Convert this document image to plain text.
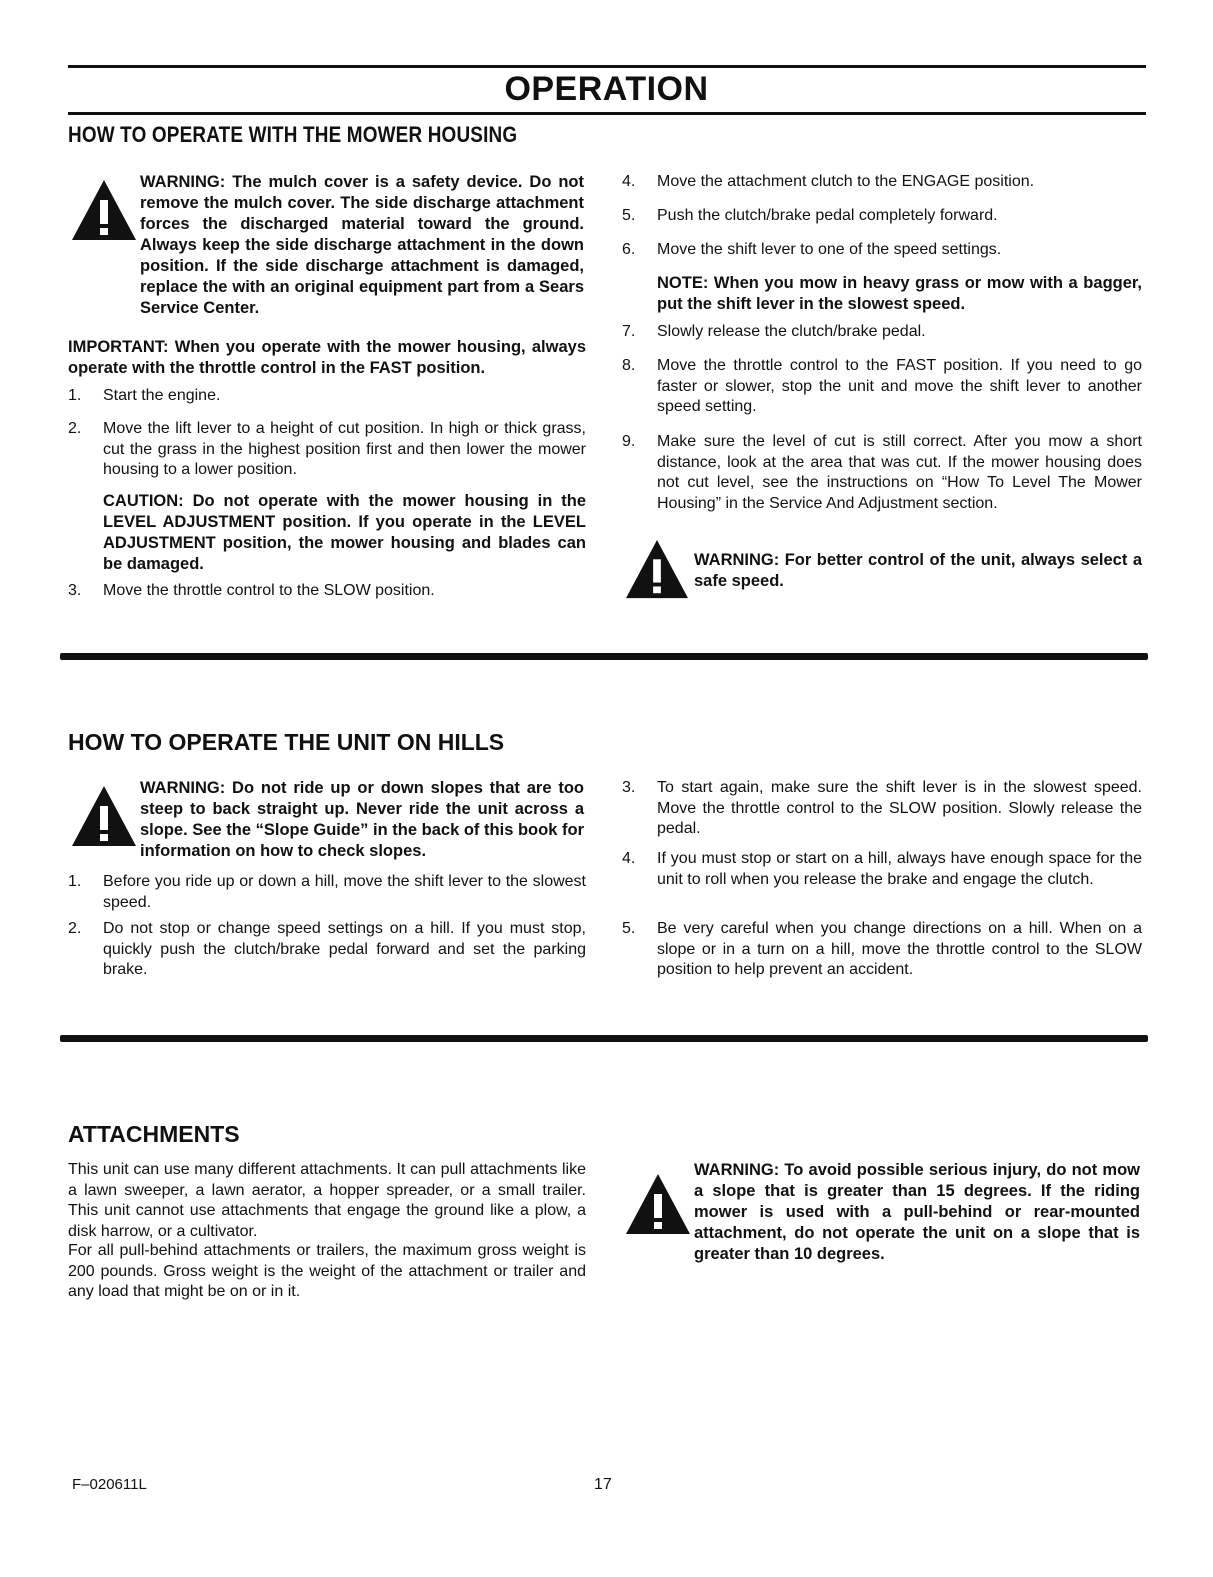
OPERATION
HOW TO OPERATE WITH THE MOWER HOUSING
WARNING: The mulch cover is a safety device. Do not remove the mulch cover. The side discharge attachment forces the discharged material toward the ground. Always keep the side discharge attachment in the down position. If the side discharge attachment is damaged, replace the with an original equipment part from a Sears Service Center.
IMPORTANT: When you operate with the mower housing, always operate with the throttle control in the FAST position.
1. Start the engine.
2. Move the lift lever to a height of cut position. In high or thick grass, cut the grass in the highest position first and then lower the mower housing to a lower position.
CAUTION: Do not operate with the mower housing in the LEVEL ADJUSTMENT position. If you operate in the LEVEL ADJUSTMENT position, the mower housing and blades can be damaged.
3. Move the throttle control to the SLOW position.
4. Move the attachment clutch to the ENGAGE position.
5. Push the clutch/brake pedal completely forward.
6. Move the shift lever to one of the speed settings.
NOTE: When you mow in heavy grass or mow with a bagger, put the shift lever in the slowest speed.
7. Slowly release the clutch/brake pedal.
8. Move the throttle control to the FAST position. If you need to go faster or slower, stop the unit and move the shift lever to another speed setting.
9. Make sure the level of cut is still correct. After you mow a short distance, look at the area that was cut. If the mower housing does not cut level, see the instructions on “How To Level The Mower Housing” in the Service And Adjustment section.
WARNING: For better control of the unit, always select a safe speed.
HOW TO OPERATE THE UNIT ON HILLS
WARNING: Do not ride up or down slopes that are too steep to back straight up. Never ride the unit across a slope. See the “Slope Guide” in the back of this book for information on how to check slopes.
1. Before you ride up or down a hill, move the shift lever to the slowest speed.
2. Do not stop or change speed settings on a hill. If you must stop, quickly push the clutch/brake pedal forward and set the parking brake.
3. To start again, make sure the shift lever is in the slowest speed. Move the throttle control to the SLOW position. Slowly release the pedal.
4. If you must stop or start on a hill, always have enough space for the unit to roll when you release the brake and engage the clutch.
5. Be very careful when you change directions on a hill. When on a slope or in a turn on a hill, move the throttle control to the SLOW position to help prevent an accident.
ATTACHMENTS
This unit can use many different attachments. It can pull attachments like a lawn sweeper, a lawn aerator, a hopper spreader, or a small trailer. This unit cannot use attachments that engage the ground like a plow, a disk harrow, or a cultivator.
For all pull-behind attachments or trailers, the maximum gross weight is 200 pounds. Gross weight is the weight of the attachment or trailer and any load that might be on or in it.
WARNING: To avoid possible serious injury, do not mow a slope that is greater than 15 degrees. If the riding mower is used with a pull-behind or rear-mounted attachment, do not operate the unit on a slope that is greater than 10 degrees.
F–020611L	17
